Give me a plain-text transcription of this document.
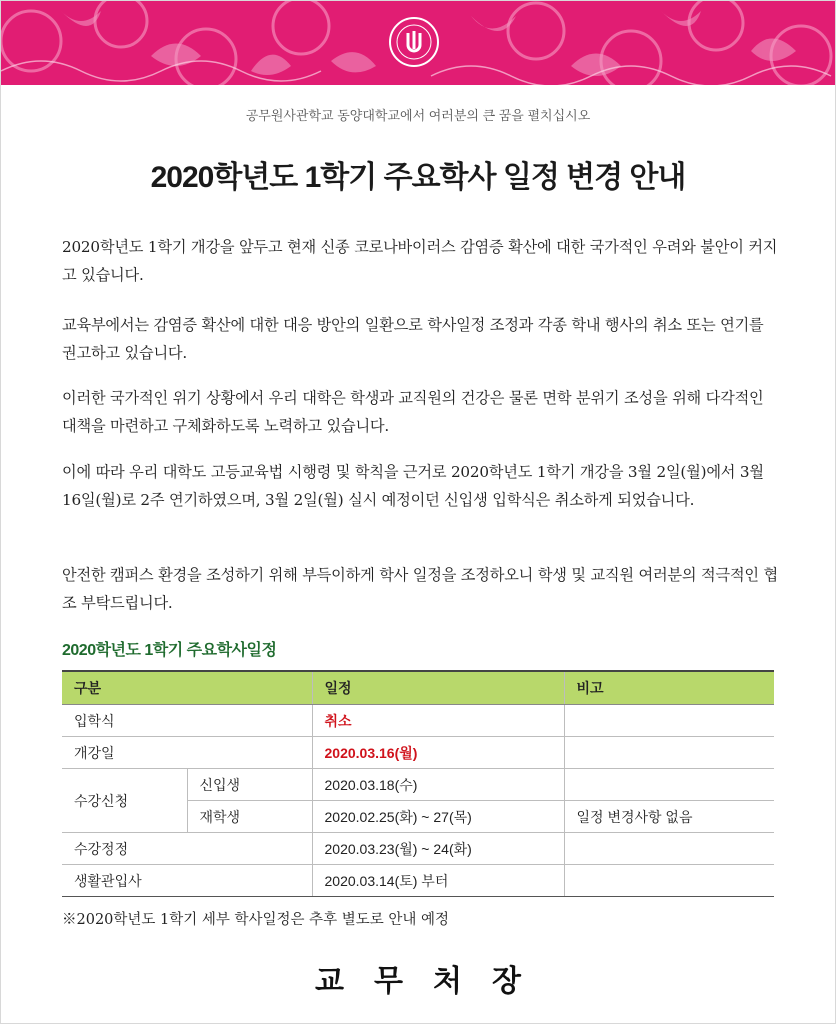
공무원사관학교 동양대학교에서 여러분의 큰 꿈을 펼치십시오
2020학년도 1학기 주요학사 일정 변경 안내
2020학년도 1학기 개강을 앞두고 현재 신종 코로나바이러스 감염증 확산에 대한 국가적인 우려와 불안이 커지고 있습니다.
교육부에서는 감염증 확산에 대한 대응 방안의 일환으로 학사일정 조정과 각종 학내 행사의 취소 또는 연기를 권고하고 있습니다.
이러한 국가적인 위기 상황에서 우리 대학은 학생과 교직원의 건강은 물론 면학 분위기 조성을 위해 다각적인 대책을 마련하고 구체화하도록 노력하고 있습니다.
이에 따라 우리 대학도 고등교육법 시행령 및 학칙을 근거로 2020학년도 1학기 개강을 3월 2일(월)에서 3월 16일(월)로 2주 연기하였으며, 3월 2일(월) 실시 예정이던 신입생 입학식은 취소하게 되었습니다.
안전한 캠퍼스 환경을 조성하기 위해 부득이하게 학사 일정을 조정하오니 학생 및 교직원 여러분의 적극적인 협조 부탁드립니다.
2020학년도 1학기 주요학사일정
구분		일정	비고
입학식		취소	
개강일		2020.03.16(월)	
수강신청	신입생	2020.03.18(수)	
	재학생	2020.02.25(화) ~ 27(목)	일정 변경사항 없음
수강정정		2020.03.23(월) ~ 24(화)	
생활관입사		2020.03.14(토) 부터	
※2020학년도 1학기 세부 학사일정은 추후 별도로 안내 예정
교무처장
